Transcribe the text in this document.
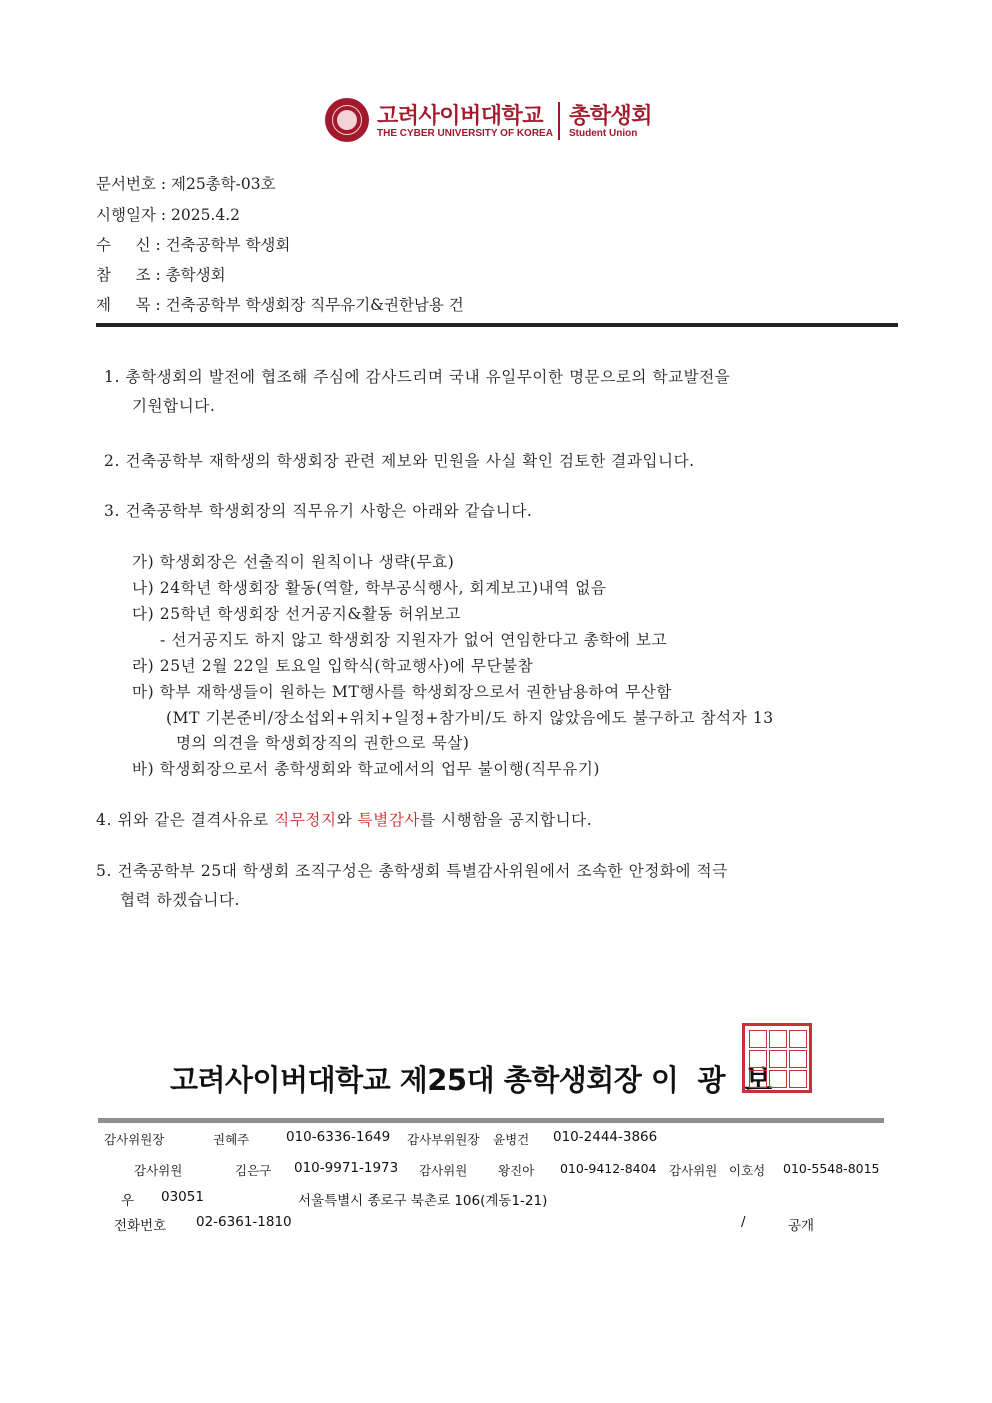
고려사이버대학교
THE CYBER UNIVERSITY OF KOREA
총학생회
Student Union
문서번호 : 제25총학-03호
시행일자 : 2025.4.2
수     신 : 건축공학부 학생회
참     조 : 총학생회
제     목 : 건축공학부 학생회장 직무유기&권한남용 건
1. 총학생회의 발전에 협조해 주심에 감사드리며 국내 유일무이한 명문으로의 학교발전을
기원합니다.
2. 건축공학부 재학생의 학생회장 관련 제보와 민원을 사실 확인 검토한 결과입니다.
3. 건축공학부 학생회장의 직무유기 사항은 아래와 같습니다.
가) 학생회장은 선출직이 원칙이나 생략(무효)
나) 24학년 학생회장 활동(역할, 학부공식행사, 회계보고)내역 없음
다) 25학년 학생회장 선거공지&활동 허위보고
- 선거공지도 하지 않고 학생회장 지원자가 없어 연임한다고 총학에 보고
라) 25년 2월 22일 토요일 입학식(학교행사)에 무단불참
마) 학부 재학생들이 원하는 MT행사를 학생회장으로서 권한남용하여 무산함
(MT 기본준비/장소섭외+위치+일정+참가비/도 하지 않았음에도 불구하고 참석자 13
명의 의견을 학생회장직의 권한으로 묵살)
바) 학생회장으로서 총학생회와 학교에서의 업무 불이행(직무유기)
4. 위와 같은 결격사유로 직무정지와 특별감사를 시행함을 공지합니다.
5. 건축공학부 25대 학생회 조직구성은 총학생회 특별감사위원에서 조속한 안정화에 적극
협력 하겠습니다.
고려사이버대학교 제25대 총학생회장 이  광  보
감사위원장	권혜주	010-6336-1649 감사부위원장 윤병건 010-2444-3866
감사위원	김은구 010-9971-1973 감사위원 왕진아 010-9412-8404 감사위원 이호성 010-5548-8015
우 03051	서울특별시 종로구 북촌로 106(계동1-21)
전화번호 02-6361-1810	/	공개
